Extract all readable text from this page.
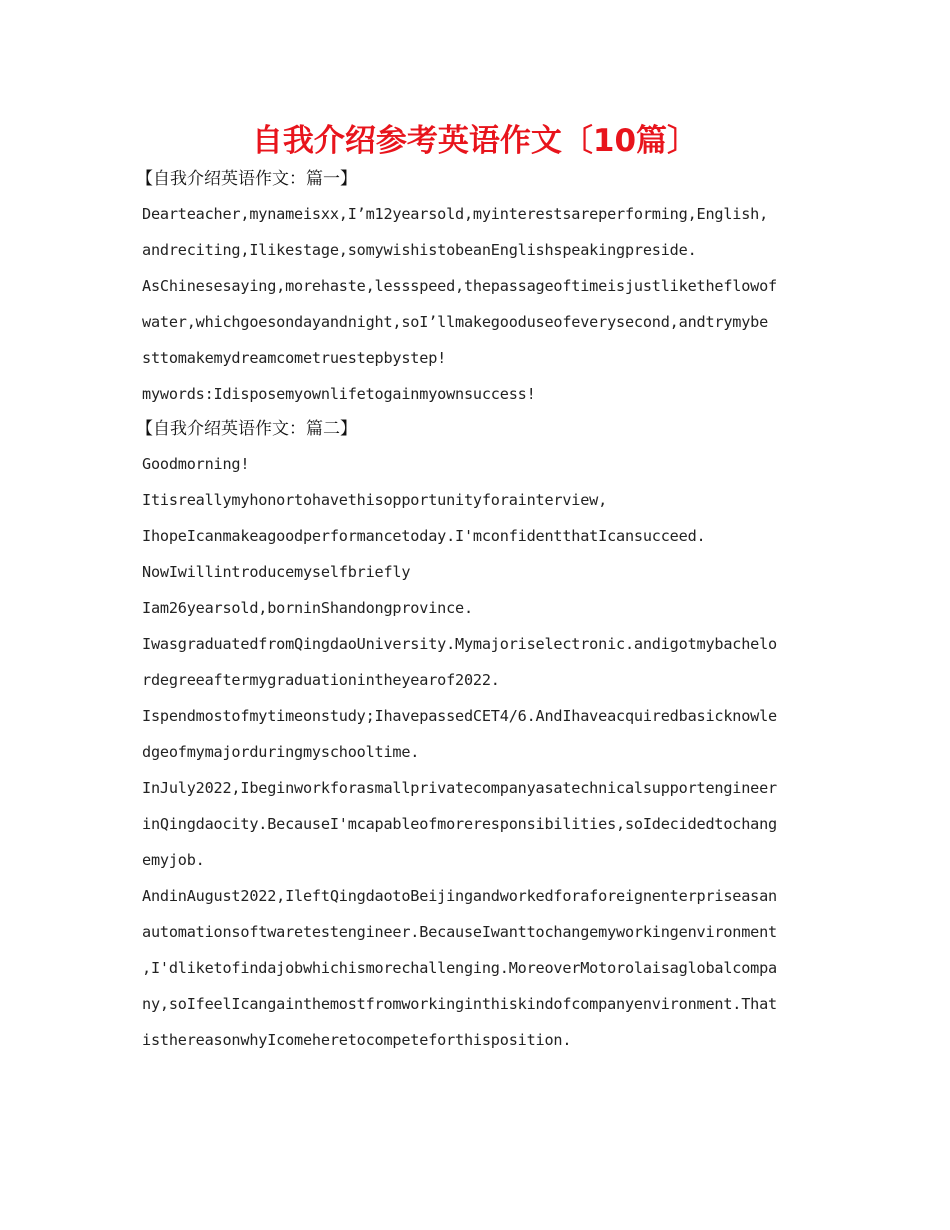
自我介绍参考英语作文〔10篇〕
【自我介绍英语作文：篇一】
Dearteacher,mynameisxx,I’m12yearsold,myinterestsareperforming,English,
andreciting,Ilikestage,somywishistobeanEnglishspeakingpreside.
AsChinesesaying,morehaste,lessspeed,thepassageoftimeisjustliketheflowof
water,whichgoesondayandnight,soI’llmakegooduseofeverysecond,andtrymybe
sttomakemydreamcometruestepbystep!
mywords:Idisposemyownlifetogainmyownsuccess!
【自我介绍英语作文：篇二】
Goodmorning!
Itisreallymyhonortohavethisopportunityforainterview,
IhopeIcanmakeagoodperformancetoday.I'mconfidentthatIcansucceed.
NowIwillintroducemyselfbriefly
Iam26yearsold,borninShandongprovince.
IwasgraduatedfromQingdaoUniversity.Mymajoriselectronic.andigotmybachelo
rdegreeaftermygraduationintheyearof2022.
Ispendmostofmytimeonstudy;IhavepassedCET4/6.AndIhaveacquiredbasicknowle
dgeofmymajorduringmyschooltime.
InJuly2022,Ibeginworkforasmallprivatecompanyasatechnicalsupportengineer
inQingdaocity.BecauseI'mcapableofmoreresponsibilities,soIdecidedtochang
emyjob.
AndinAugust2022,IleftQingdaotoBeijingandworkedforaforeignenterpriseasan
automationsoftwaretestengineer.BecauseIwanttochangemyworkingenvironment
,I'dliketofindajobwhichismorechallenging.MoreoverMotorolaisaglobalcompa
ny,soIfeelIcangainthemostfromworkinginthiskindofcompanyenvironment.That
isthereasonwhyIcomeheretocompeteforthisposition.
